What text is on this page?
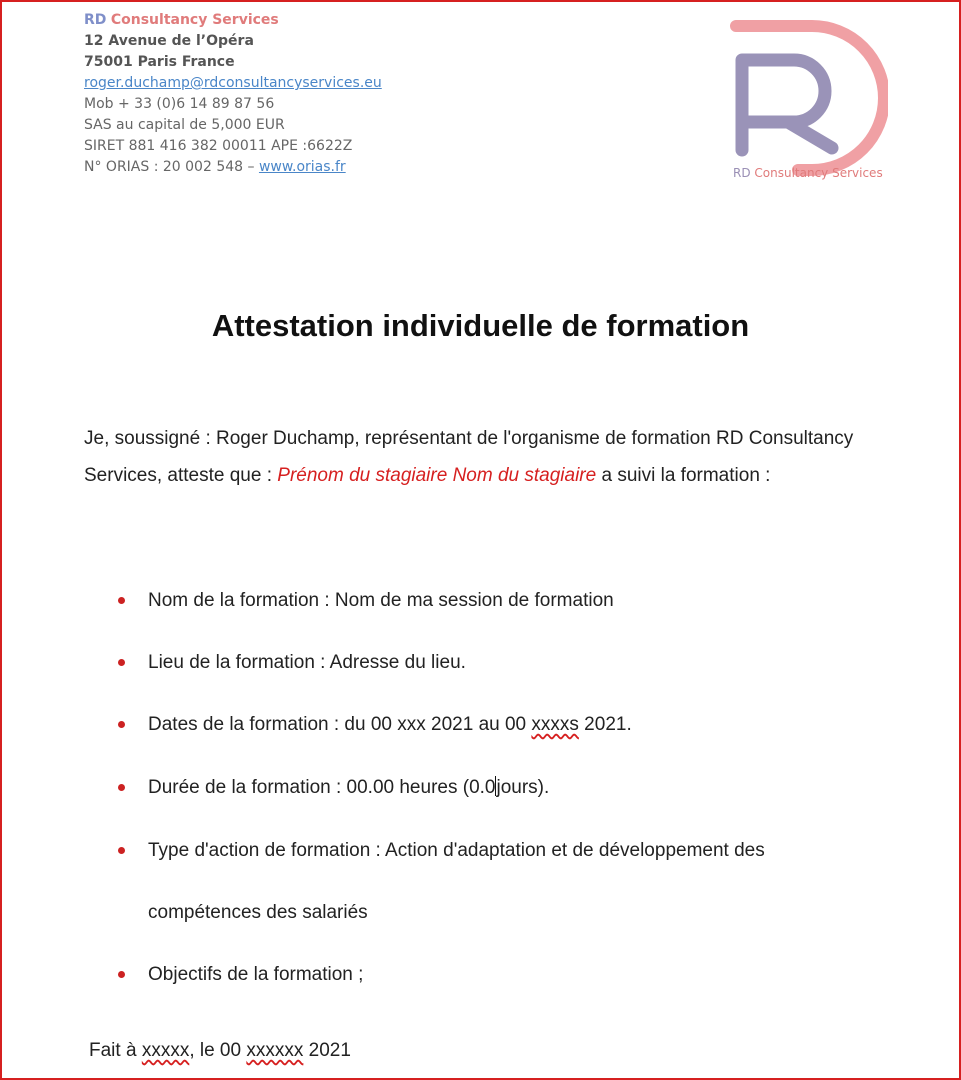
RD Consultancy Services
12 Avenue de l’Opéra
75001 Paris France
roger.duchamp@rdconsultancyservices.eu
Mob + 33 (0)6 14 89 87 56
SAS au capital de 5,000 EUR
SIRET 881 416 382 00011 APE :6622Z
N° ORIAS : 20 002 548 – www.orias.fr	RD Consultancy Services
Attestation individuelle de formation
Je, soussigné : Roger Duchamp, représentant de l'organisme de formation RD Consultancy Services, atteste que : Prénom du stagiaire Nom du stagiaire a suivi la formation :
Nom de la formation : Nom de ma session de formation
Lieu de la formation : Adresse du lieu.
Dates de la formation : du 00 xxx 2021 au 00 xxxxs 2021.
Durée de la formation : 00.00 heures (0.0jours).
Type d'action de formation : Action d'adaptation et de développement des
compétences des salariés
Objectifs de la formation ;
Fait à xxxxx, le 00 xxxxxx 2021
